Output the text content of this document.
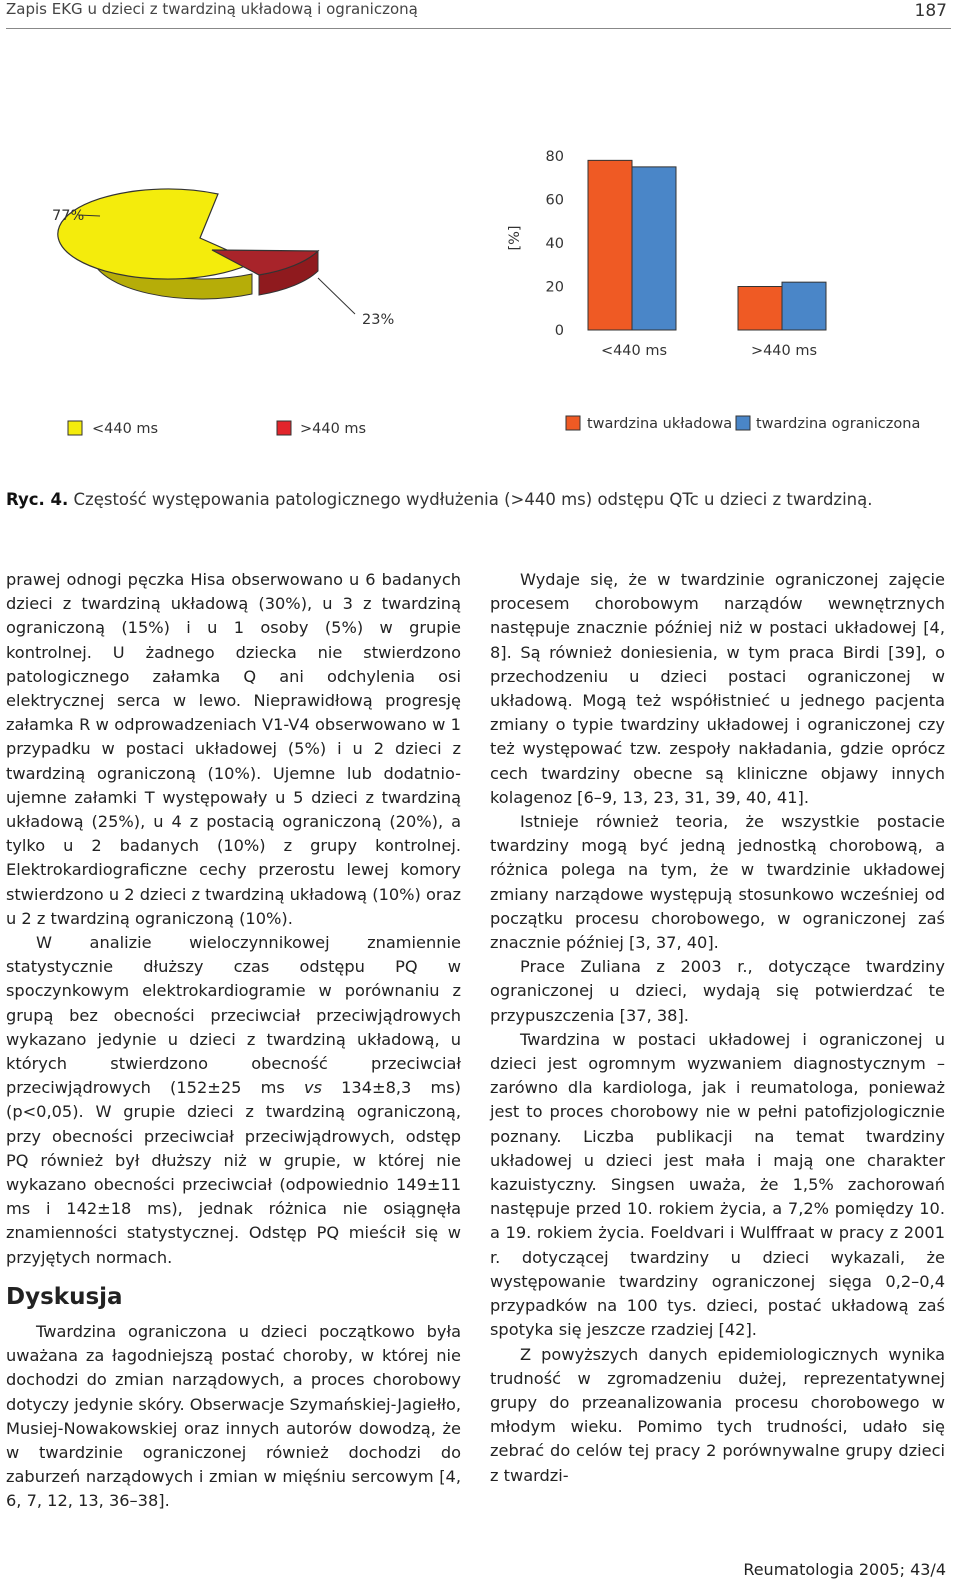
Zapis EKG u dzieci z twardziną układową i ograniczoną	187
77%
23%
<440 ms	>440 ms
[%]
0
20
40
60
80
<440 ms	>440 ms
twardzina układowa twardzina ograniczona
Ryc. 4. Częstość występowania patologicznego wydłużenia (>440 ms) odstępu QTc u dzieci z twardziną.

prawej odnogi pęczka Hisa obserwowano u 6 badanych dzieci z twardziną układową (30%), u 3 z twardziną ograniczoną (15%) i u 1 osoby (5%) w grupie kontrolnej. U żadnego dziecka nie stwierdzono patologicznego załamka Q ani odchylenia osi elektrycznej serca w lewo. Nieprawidłową progresję załamka R w odprowadzeniach V1-V4 obserwowano w 1 przypadku w postaci układowej (5%) i u 2 dzieci z twardziną ograniczoną (10%). Ujemne lub dodatnio-ujemne załamki T występowały u 5 dzieci z twardziną układową (25%), u 4 z postacią ograniczoną (20%), a tylko u 2 badanych (10%) z grupy kontrolnej. Elektrokardiograficzne cechy przerostu lewej komory stwierdzono u 2 dzieci z twardziną układową (10%) oraz u 2 z twardziną ograniczoną (10%).

W analizie wieloczynnikowej znamiennie statystycznie dłuższy czas odstępu PQ w spoczynkowym elektrokardiogramie w porównaniu z grupą bez obecności przeciwciał przeciwjądrowych wykazano jedynie u dzieci z twardziną układową, u których stwierdzono obecność przeciwciał przeciwjądrowych (152±25 ms vs 134±8,3 ms) (p<0,05). W grupie dzieci z twardziną ograniczoną, przy obecności przeciwciał przeciwjądrowych, odstęp PQ również był dłuższy niż w grupie, w której nie wykazano obecności przeciwciał (odpowiednio 149±11 ms i 142±18 ms), jednak różnica nie osiągnęła znamienności statystycznej. Odstęp PQ mieścił się w przyjętych normach.

Dyskusja

Twardzina ograniczona u dzieci początkowo była uważana za łagodniejszą postać choroby, w której nie dochodzi do zmian narządowych, a proces chorobowy dotyczy jedynie skóry. Obserwacje Szymańskiej-Jagiełło, Musiej-Nowakowskiej oraz innych autorów dowodzą, że w twardzinie ograniczonej również dochodzi do zaburzeń narządowych i zmian w mięśniu sercowym [4, 6, 7, 12, 13, 36–38].

Wydaje się, że w twardzinie ograniczonej zajęcie procesem chorobowym narządów wewnętrznych następuje znacznie później niż w postaci układowej [4, 8]. Są również doniesienia, w tym praca Birdi [39], o przechodzeniu u dzieci postaci ograniczonej w układową. Mogą też współistnieć u jednego pacjenta zmiany o typie twardziny układowej i ograniczonej czy też występować tzw. zespoły nakładania, gdzie oprócz cech twardziny obecne są kliniczne objawy innych kolagenoz [6–9, 13, 23, 31, 39, 40, 41].

Istnieje również teoria, że wszystkie postacie twardziny mogą być jedną jednostką chorobową, a różnica polega na tym, że w twardzinie układowej zmiany narządowe występują stosunkowo wcześniej od początku procesu chorobowego, w ograniczonej zaś znacznie później [3, 37, 40].

Prace Zuliana z 2003 r., dotyczące twardziny ograniczonej u dzieci, wydają się potwierdzać te przypuszczenia [37, 38].

Twardzina w postaci układowej i ograniczonej u dzieci jest ogromnym wyzwaniem diagnostycznym – zarówno dla kardiologa, jak i reumatologa, ponieważ jest to proces chorobowy nie w pełni patofizjologicznie poznany. Liczba publikacji na temat twardziny układowej u dzieci jest mała i mają one charakter kazuistyczny. Singsen uważa, że 1,5% zachorowań następuje przed 10. rokiem życia, a 7,2% pomiędzy 10. a 19. rokiem życia. Foeldvari i Wulffraat w pracy z 2001 r. dotyczącej twardziny u dzieci wykazali, że występowanie twardziny ograniczonej sięga 0,2–0,4 przypadków na 100 tys. dzieci, postać układową zaś spotyka się jeszcze rzadziej [42].

Z powyższych danych epidemiologicznych wynika trudność w zgromadzeniu dużej, reprezentatywnej grupy do przeanalizowania procesu chorobowego w młodym wieku. Pomimo tych trudności, udało się zebrać do celów tej pracy 2 porównywalne grupy dzieci z twardzi-

Reumatologia 2005; 43/4
